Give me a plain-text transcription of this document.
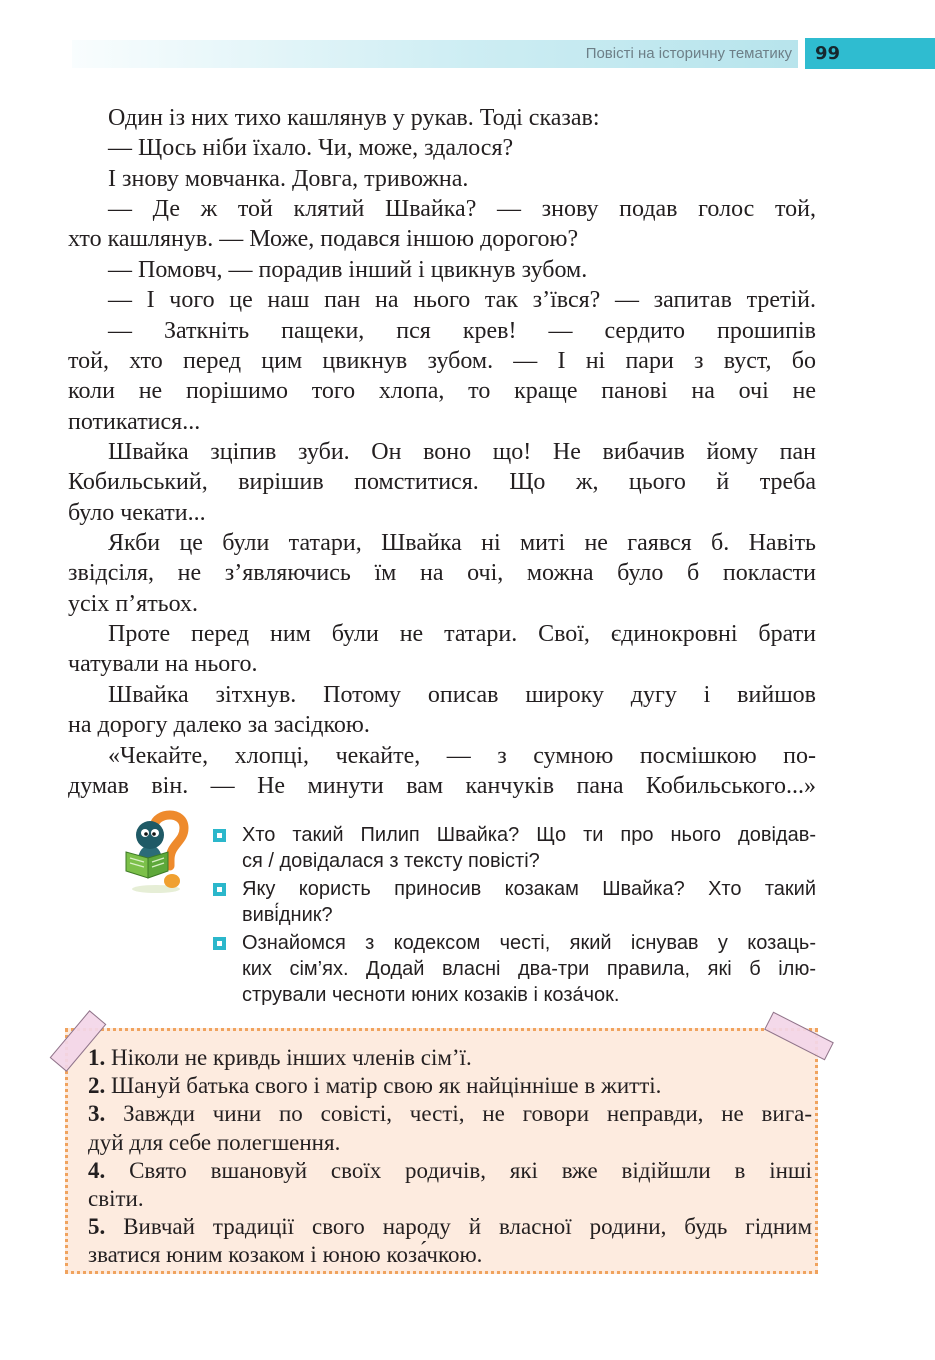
Повісті на історичну тематику 99
Один із них тихо кашлянув у рукав. Тоді сказав:
— Щось ніби їхало. Чи, може, здалося?
І знову мовчанка. Довга, тривожна.
— Де ж той клятий Швайка? — знову подав голос той,
хто кашлянув. — Може, подався іншою дорогою?
— Помовч, — порадив інший і цвикнув зубом.
— І чого це наш пан на нього так з’ївся? — запитав третій.
— Заткніть пащеки, пся крев! — сердито прошипів
той, хто перед цим цвикнув зубом. — І ні пари з вуст, бо
коли не порішимо того хлопа, то краще панові на очі не
потикатися...
Швайка зціпив зуби. Он воно що! Не вибачив йому пан
Кобильський, вирішив помститися. Що ж, цього й треба
було чекати...
Якби це були татари, Швайка ні миті не гаявся б. Навіть
звідсіля, не з’являючись їм на очі, можна було б покласти
усіх п’ятьох.
Проте перед ним були не татари. Свої, єдинокровні брати
чатували на нього.
Швайка зітхнув. Потому описав широку дугу і вийшов
на дорогу далеко за засідкою.
«Чекайте, хлопці, чекайте, — з сумною посмішкою по-
думав він. — Не минути вам канчуків пана Кобильського...»
Хто такий Пилип Швайка? Що ти про нього довідав-
ся / довідалася з тексту повісті?
Яку користь приносив козакам Швайка? Хто такий
виві́дник?
Ознайомся з кодексом честі, який існував у козаць-
ких сім’ях. Додай власні два-три правила, які б ілю-
стрували чесноти юних козаків і коза́чок.
1. Ніколи не кривдь інших членів сім’ї.
2. Шануй батька свого і матір свою як найцінніше в житті.
3. Завжди чини по совісті, честі, не говори неправди, не вига-
дуй для себе полегшення.
4. Свято вшановуй своїх родичів, які вже відійшли в інші
світи.
5. Вивчай традиції свого народу й власної родини, будь гідним
зватися юним козаком і юною коза́чкою.
